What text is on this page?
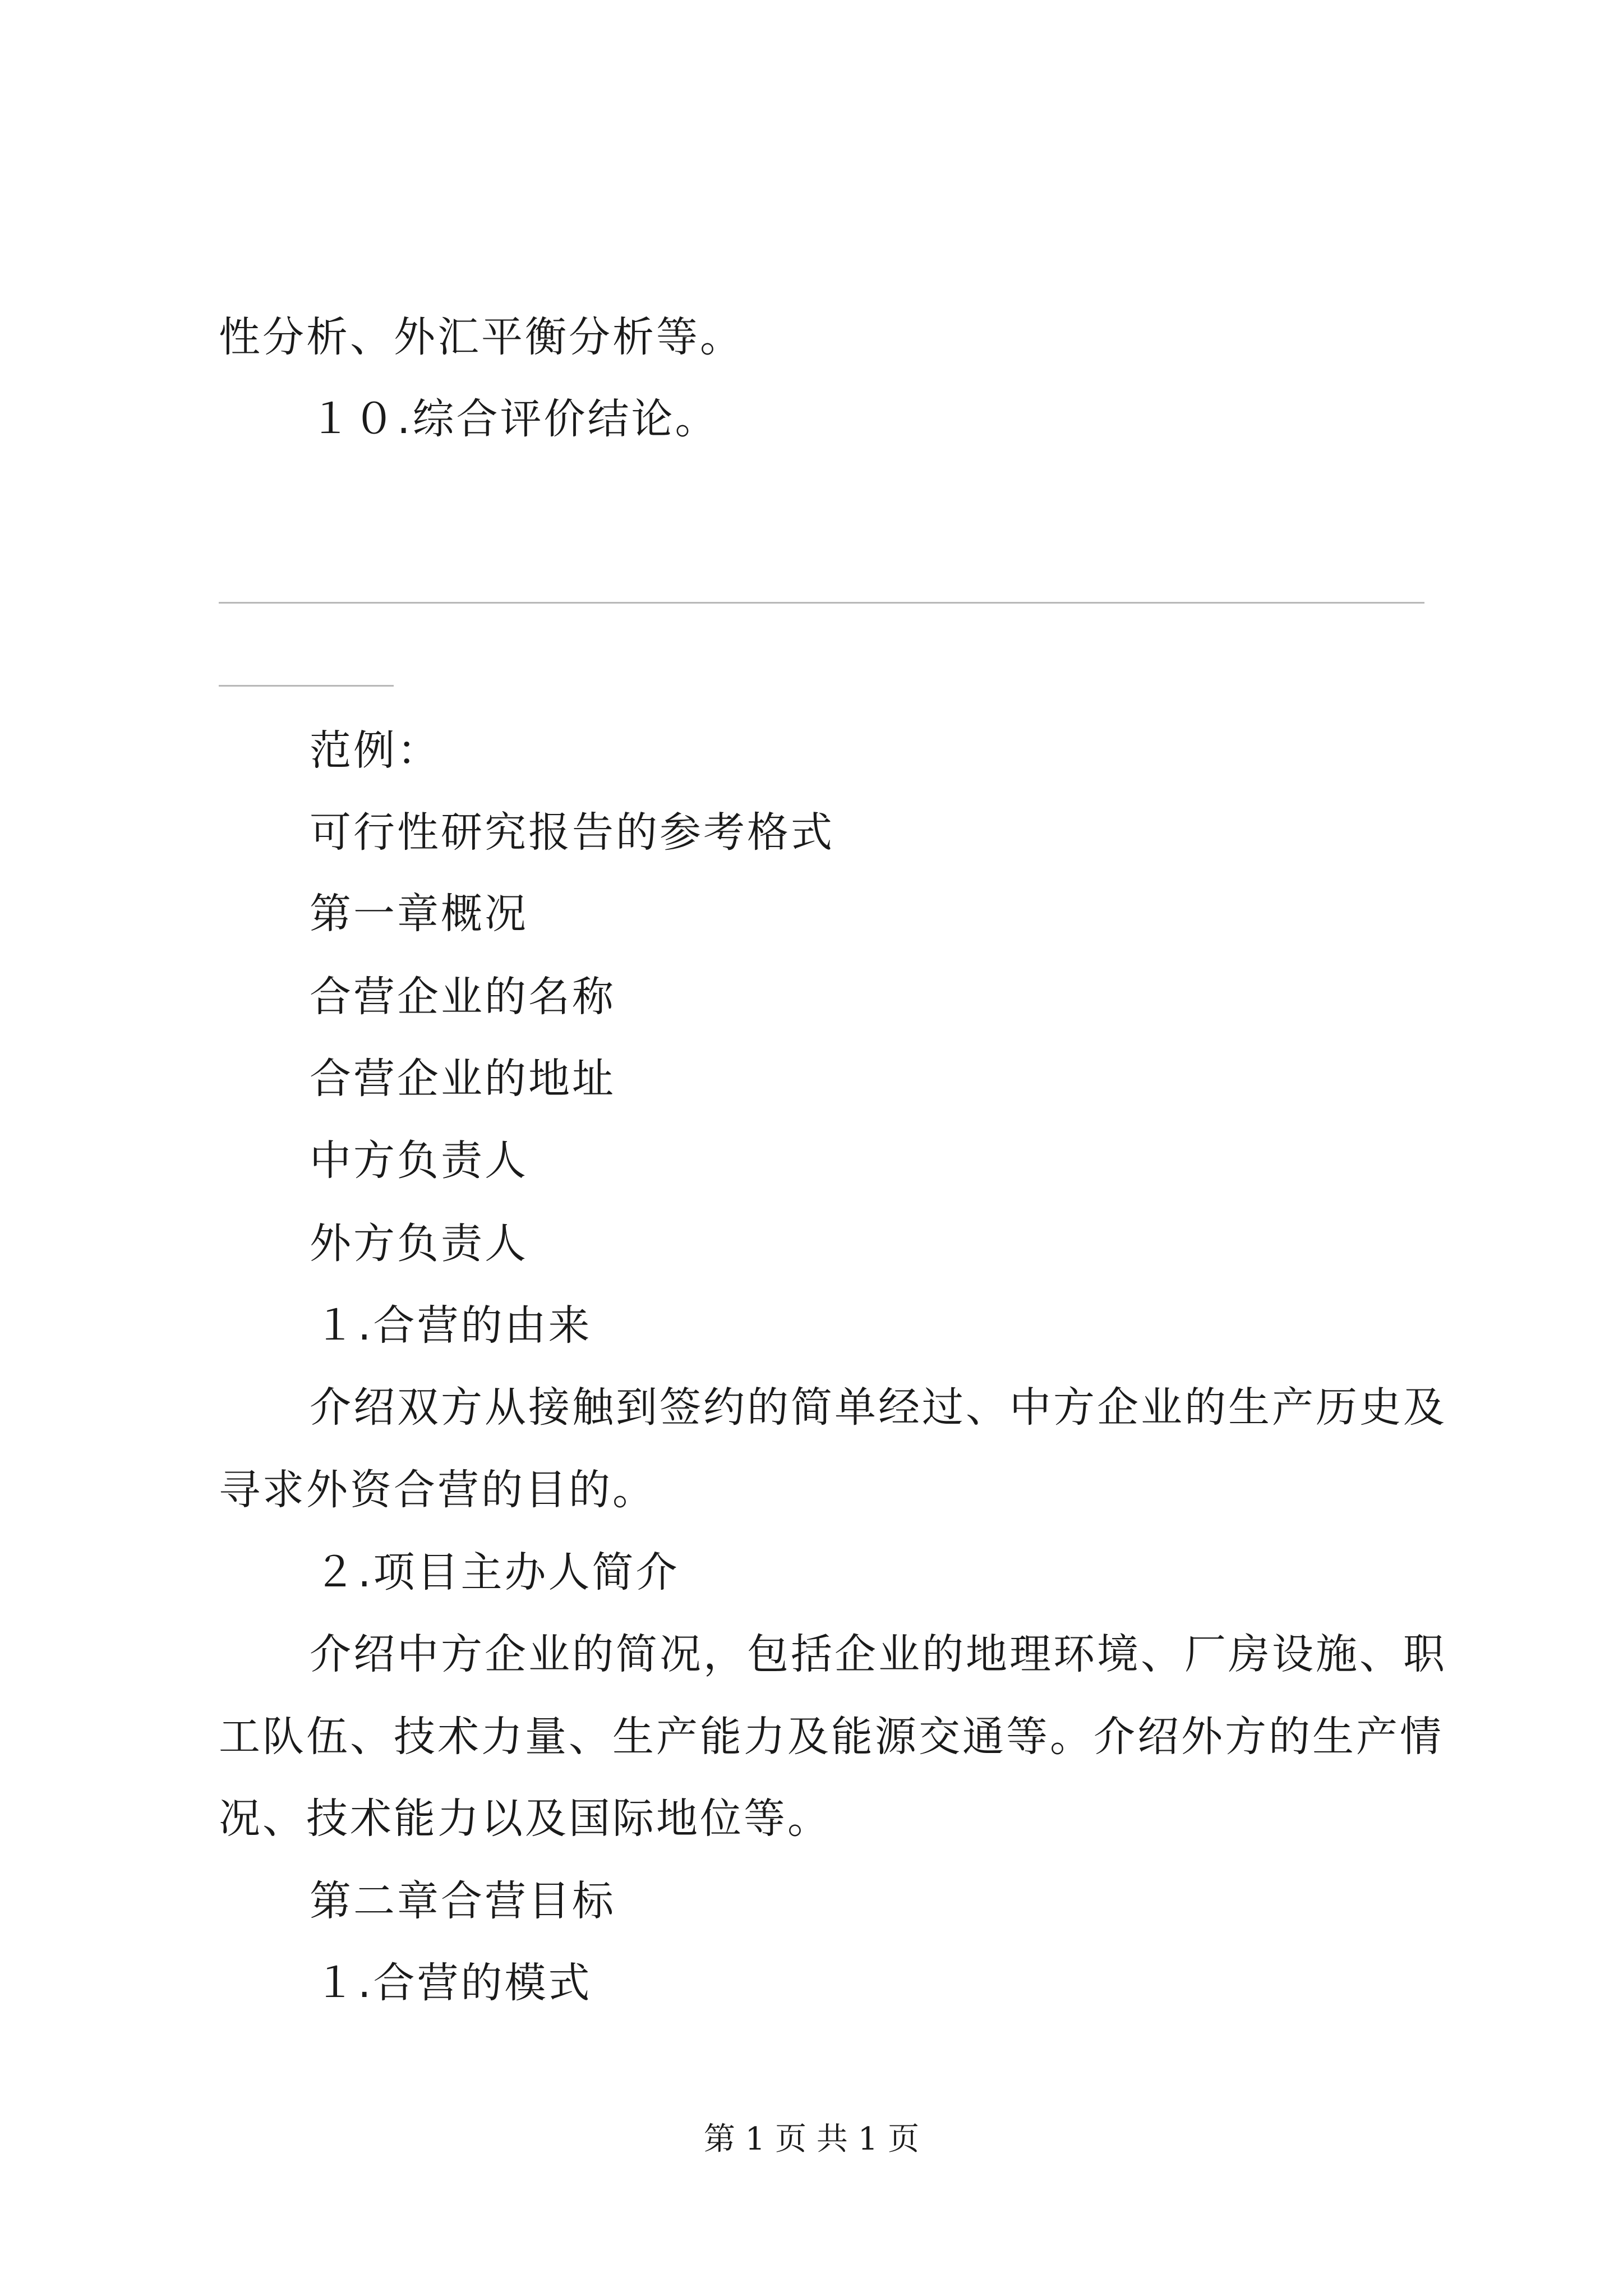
性分析、外汇平衡分析等。

１０.综合评价结论。

范例：

可行性研究报告的参考格式

第一章概况

合营企业的名称

合营企业的地址

中方负责人

外方负责人

１.合营的由来

介绍双方从接触到签约的简单经过、中方企业的生产历史及

寻求外资合营的目的。

２.项目主办人简介

介绍中方企业的简况，包括企业的地理环境、厂房设施、职

工队伍、技术力量、生产能力及能源交通等。介绍外方的生产情

况、技术能力以及国际地位等。

第二章合营目标

１.合营的模式

第 1 页 共 1 页
